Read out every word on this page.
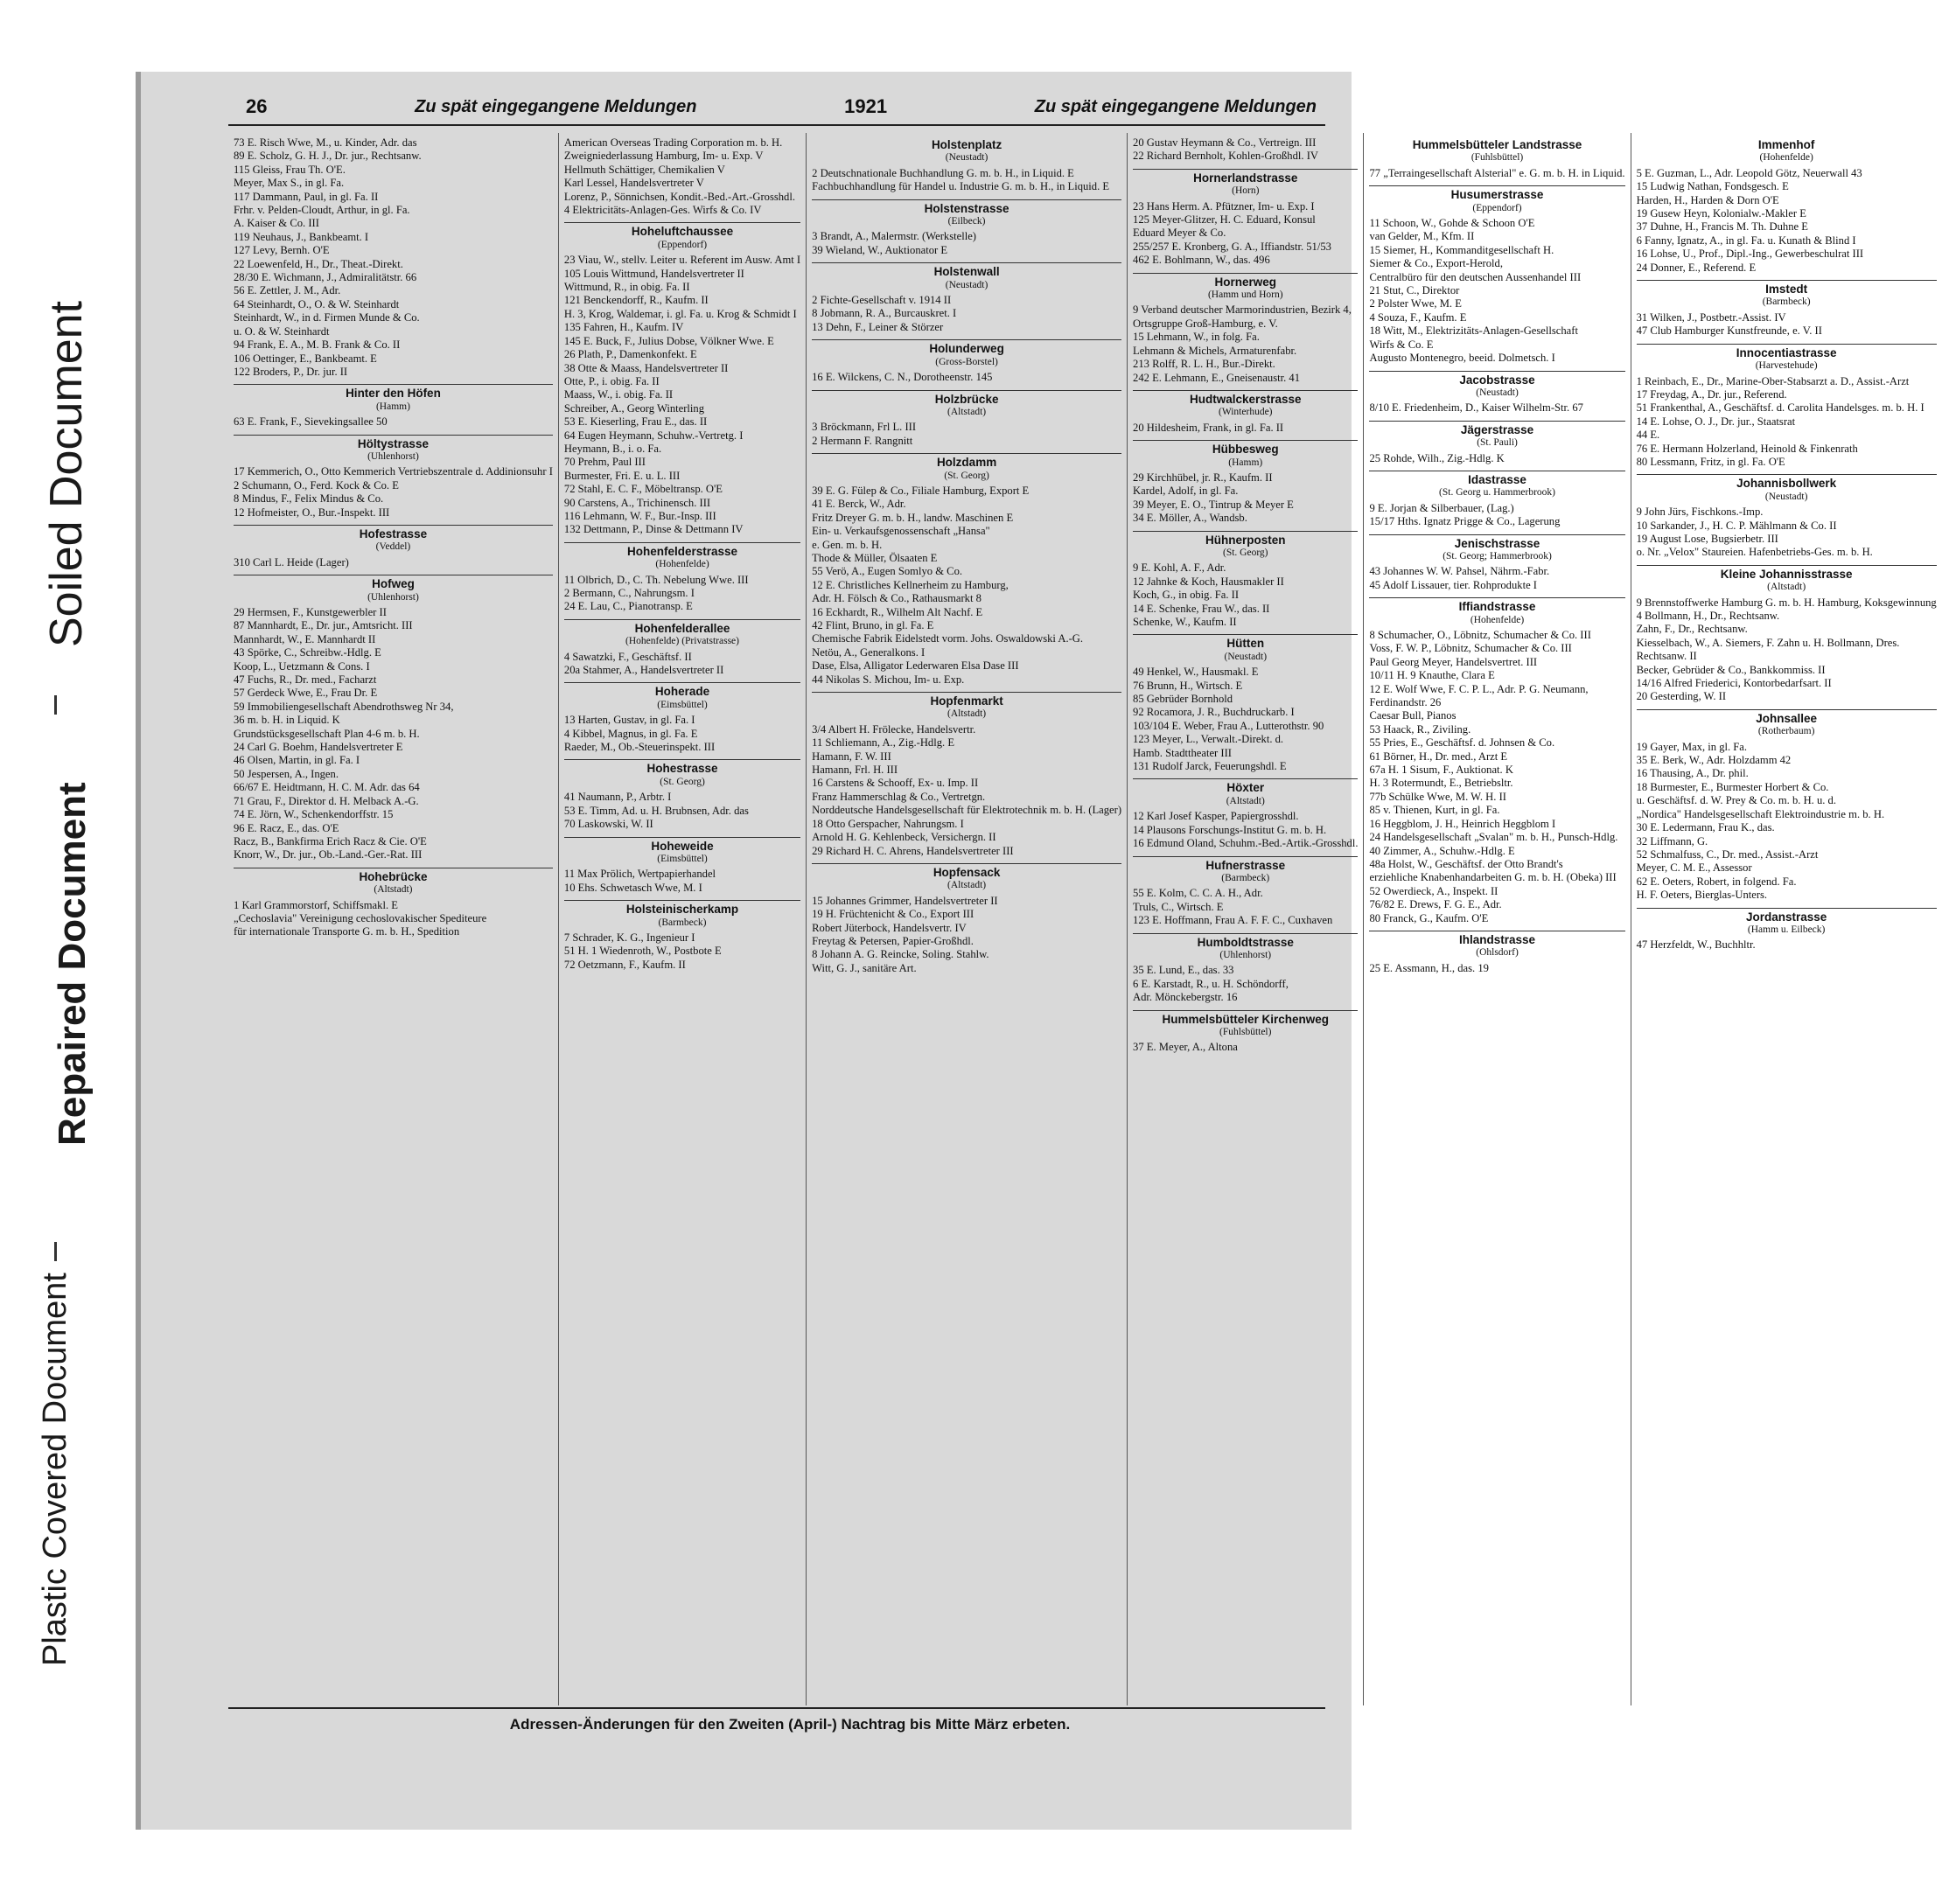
Plastic Covered Document
Repaired Document
Soiled Document
26	Zu spät eingegangene Meldungen	1921	Zu spät eingegangene Meldungen
73 E. Risch Wwe, M., u. Kinder, Adr. das
89 E. Scholz, G. H. J., Dr. jur., Rechtsanw.
115 Gleiss, Frau Th. O'E.
Meyer, Max S., in gl. Fa.
117 Dammann, Paul, in gl. Fa. II
Frhr. v. Pelden-Cloudt, Arthur, in gl. Fa.
A. Kaiser & Co. III
119 Neuhaus, J., Bankbeamt. I
127 Levy, Bernh. O'E
22 Loewenfeld, H., Dr., Theat.-Direkt.
28/30 E. Wichmann, J., Admiralitätstr. 66
56 E. Zettler, J. M., Adr.
64 Steinhardt, O., O. & W. Steinhardt
Steinhardt, W., in d. Firmen Munde & Co.
u. O. & W. Steinhardt
94 Frank, E. A., M. B. Frank & Co. II
106 Oettinger, E., Bankbeamt. E
122 Broders, P., Dr. jur. II
Hinter den Höfen
(Hamm)
63 E. Frank, F., Sievekingsallee 50
Höltystrasse
(Uhlenhorst)
17 Kemmerich, O., Otto Kemmerich Vertriebszentrale d. Addinionsuhr I
2 Schumann, O., Ferd. Kock & Co. E
8 Mindus, F., Felix Mindus & Co.
12 Hofmeister, O., Bur.-Inspekt. III
Hofestrasse
(Veddel)
310 Carl L. Heide (Lager)
Hofweg
(Uhlenhorst)
29 Hermsen, F., Kunstgewerbler II
87 Mannhardt, E., Dr. jur., Amtsricht. III
Mannhardt, W., E. Mannhardt II
43 Spörke, C., Schreibw.-Hdlg. E
Koop, L., Uetzmann & Cons. I
47 Fuchs, R., Dr. med., Facharzt
57 Gerdeck Wwe, E., Frau Dr. E
59 Immobiliengesellschaft Abendrothsweg Nr 34,
36 m. b. H. in Liquid. K
Grundstücksgesellschaft Plan 4-6 m. b. H.
24 Carl G. Boehm, Handelsvertreter E
46 Olsen, Martin, in gl. Fa. I
50 Jespersen, A., Ingen.
66/67 E. Heidtmann, H. C. M. Adr. das 64
71 Grau, F., Direktor d. H. Melback A.-G.
74 E. Jörn, W., Schenkendorffstr. 15
96 E. Racz, E., das. O'E
Racz, B., Bankfirma Erich Racz & Cie. O'E
Knorr, W., Dr. jur., Ob.-Land.-Ger.-Rat. III
Hohebrücke
(Altstadt)
1 Karl Grammorstorf, Schiffsmakl. E
„Cechoslavia" Vereinigung cechoslovakischer Spediteure
für internationale Transporte G. m. b. H., Spedition
American Overseas Trading Corporation m. b. H.
Zweigniederlassung Hamburg, Im- u. Exp. V
Hellmuth Schättiger, Chemikalien V
Karl Lessel, Handelsvertreter V
Lorenz, P., Sönnichsen, Kondit.-Bed.-Art.-Grosshdl.
4 Elektricitäts-Anlagen-Ges. Wirfs & Co. IV
Hoheluftchaussee
(Eppendorf)
23 Viau, W., stellv. Leiter u. Referent im Ausw. Amt I
105 Louis Wittmund, Handelsvertreter II
Wittmund, R., in obig. Fa. II
121 Benckendorff, R., Kaufm. II
H. 3, Krog, Waldemar, i. gl. Fa. u. Krog & Schmidt I
135 Fahren, H., Kaufm. IV
145 E. Buck, F., Julius Dobse, Völkner Wwe. E
26 Plath, P., Damenkonfekt. E
38 Otte & Maass, Handelsvertreter II
Otte, P., i. obig. Fa. II
Maass, W., i. obig. Fa. II
Schreiber, A., Georg Winterling
53 E. Kieserling, Frau E., das. II
64 Eugen Heymann, Schuhw.-Vertretg. I
Heymann, B., i. o. Fa.
70 Prehm, Paul III
Burmester, Fri. E. u. L. III
72 Stahl, E. C. F., Möbeltransp. O'E
90 Carstens, A., Trichinensch. III
116 Lehmann, W. F., Bur.-Insp. III
132 Dettmann, P., Dinse & Dettmann IV
Hohenfelderstrasse
(Hohenfelde)
11 Olbrich, D., C. Th. Nebelung Wwe. III
2 Bermann, C., Nahrungsm. I
24 E. Lau, C., Pianotransp. E
Hohenfelderallee
(Hohenfelde) (Privatstrasse)
4 Sawatzki, F., Geschäftsf. II
20a Stahmer, A., Handelsvertreter II
Hoherade
(Eimsbüttel)
13 Harten, Gustav, in gl. Fa. I
4 Kibbel, Magnus, in gl. Fa. E
Raeder, M., Ob.-Steuerinspekt. III
Hohestrasse
(St. Georg)
41 Naumann, P., Arbtr. I
53 E. Timm, Ad. u. H. Brubnsen, Adr. das
70 Laskowski, W. II
Hoheweide
(Eimsbüttel)
11 Max Prölich, Wertpapierhandel
10 Ehs. Schwetasch Wwe, M. I
Holsteinischerkamp
(Barmbeck)
7 Schrader, K. G., Ingenieur I
51 H. 1 Wiedenroth, W., Postbote E
72 Oetzmann, F., Kaufm. II
Holstenplatz
(Neustadt)
2 Deutschnationale Buchhandlung G. m. b. H., in Liquid. E
Fachbuchhandlung für Handel u. Industrie G. m. b. H., in Liquid. E
Holstenstrasse
(Eilbeck)
3 Brandt, A., Malermstr. (Werkstelle)
39 Wieland, W., Auktionator E
Holstenwall
(Neustadt)
2 Fichte-Gesellschaft v. 1914 II
8 Jobmann, R. A., Burcauskret. I
13 Dehn, F., Leiner & Störzer
Holunderweg
(Gross-Borstel)
16 E. Wilckens, C. N., Dorotheenstr. 145
Holzbrücke
(Altstadt)
3 Bröckmann, Frl L. III
2 Hermann F. Rangnitt
Holzdamm
(St. Georg)
39 E. G. Fülep & Co., Filiale Hamburg, Export E
41 E. Berck, W., Adr.
Fritz Dreyer G. m. b. H., landw. Maschinen E
Ein- u. Verkaufsgenossenschaft „Hansa"
e. Gen. m. b. H.
Thode & Müller, Ölsaaten E
55 Verö, A., Eugen Somlyo & Co.
12 E. Christliches Kellnerheim zu Hamburg,
Adr. H. Fölsch & Co., Rathausmarkt 8
16 Eckhardt, R., Wilhelm Alt Nachf. E
42 Flint, Bruno, in gl. Fa. E
Chemische Fabrik Eidelstedt vorm. Johs. Oswaldowski A.-G.
Netöu, A., Generalkons. I
Dase, Elsa, Alligator Lederwaren Elsa Dase III
44 Nikolas S. Michou, Im- u. Exp.
Hopfenmarkt
(Altstadt)
3/4 Albert H. Frölecke, Handelsvertr.
11 Schliemann, A., Zig.-Hdlg. E
Hamann, F. W. III
Hamann, Frl. H. III
16 Carstens & Schooff, Ex- u. Imp. II
Franz Hammerschlag & Co., Vertretgn.
Norddeutsche Handelsgesellschaft für Elektrotechnik m. b. H. (Lager)
18 Otto Gerspacher, Nahrungsm. I
Arnold H. G. Kehlenbeck, Versichergn. II
29 Richard H. C. Ahrens, Handelsvertreter III
Hopfensack
(Altstadt)
15 Johannes Grimmer, Handelsvertreter II
19 H. Früchtenicht & Co., Export III
Robert Jüterbock, Handelsvertr. IV
Freytag & Petersen, Papier-Großhdl.
8 Johann A. G. Reincke, Soling. Stahlw.
Witt, G. J., sanitäre Art.
20 Gustav Heymann & Co., Vertreign. III
22 Richard Bernholt, Kohlen-Großhdl. IV
Hornerlandstrasse
(Horn)
23 Hans Herm. A. Pfützner, Im- u. Exp. I
125 Meyer-Glitzer, H. C. Eduard, Konsul
Eduard Meyer & Co.
255/257 E. Kronberg, G. A., Iffiandstr. 51/53
462 E. Bohlmann, W., das. 496
Hornerweg
(Hamm und Horn)
9 Verband deutscher Marmorindustrien, Bezirk 4,
Ortsgruppe Groß-Hamburg, e. V.
15 Lehmann, W., in folg. Fa.
Lehmann & Michels, Armaturenfabr.
213 Rolff, R. L. H., Bur.-Direkt.
242 E. Lehmann, E., Gneisenaustr. 41
Hudtwalckerstrasse
(Winterhude)
20 Hildesheim, Frank, in gl. Fa. II
Hübbesweg
(Hamm)
29 Kirchhübel, jr. R., Kaufm. II
Kardel, Adolf, in gl. Fa.
39 Meyer, E. O., Tintrup & Meyer E
34 E. Möller, A., Wandsb.
Hühnerposten
(St. Georg)
9 E. Kohl, A. F., Adr.
12 Jahnke & Koch, Hausmakler II
Koch, G., in obig. Fa. II
14 E. Schenke, Frau W., das. II
Schenke, W., Kaufm. II
Hütten
(Neustadt)
49 Henkel, W., Hausmakl. E
76 Brunn, H., Wirtsch. E
85 Gebrüder Bornhold
92 Rocamora, J. R., Buchdruckarb. I
103/104 E. Weber, Frau A., Lutterothstr. 90
123 Meyer, L., Verwalt.-Direkt. d.
Hamb. Stadttheater III
131 Rudolf Jarck, Feuerungshdl. E
Höxter
(Altstadt)
12 Karl Josef Kasper, Papiergrosshdl.
14 Plausons Forschungs-Institut G. m. b. H.
16 Edmund Oland, Schuhm.-Bed.-Artik.-Grosshdl.
Hufnerstrasse
(Barmbeck)
55 E. Kolm, C. C. A. H., Adr.
Truls, C., Wirtsch. E
123 E. Hoffmann, Frau A. F. F. C., Cuxhaven
Humboldtstrasse
(Uhlenhorst)
35 E. Lund, E., das. 33
6 E. Karstadt, R., u. H. Schöndorff,
Adr. Mönckebergstr. 16
Hummelsbütteler Kirchenweg
(Fuhlsbüttel)
37 E. Meyer, A., Altona
Hummelsbütteler Landstrasse
(Fuhlsbüttel)
77 „Terraingesellschaft Alsterial" e. G. m. b. H. in Liquid.
Husumerstrasse
(Eppendorf)
11 Schoon, W., Gohde & Schoon O'E
van Gelder, M., Kfm. II
15 Siemer, H., Kommanditgesellschaft H.
Siemer & Co., Export-Herold,
Centralbüro für den deutschen Aussenhandel III
21 Stut, C., Direktor
2 Polster Wwe, M. E
4 Souza, F., Kaufm. E
18 Witt, M., Elektrizitäts-Anlagen-Gesellschaft
Wirfs & Co. E
Augusto Montenegro, beeid. Dolmetsch. I
Jacobstrasse
(Neustadt)
8/10 E. Friedenheim, D., Kaiser Wilhelm-Str. 67
Jägerstrasse
(St. Pauli)
25 Rohde, Wilh., Zig.-Hdlg. K
Idastrasse
(St. Georg u. Hammerbrook)
9 E. Jorjan & Silberbauer, (Lag.)
15/17 Hths. Ignatz Prigge & Co., Lagerung
Jenischstrasse
(St. Georg; Hammerbrook)
43 Johannes W. W. Pahsel, Nährm.-Fabr.
45 Adolf Lissauer, tier. Rohprodukte I
Iffiandstrasse
(Hohenfelde)
8 Schumacher, O., Löbnitz, Schumacher & Co. III
Voss, F. W. P., Löbnitz, Schumacher & Co. III
Paul Georg Meyer, Handelsvertret. III
10/11 H. 9 Knauthe, Clara E
12 E. Wolf Wwe, F. C. P. L., Adr. P. G. Neumann,
Ferdinandstr. 26
Caesar Bull, Pianos
53 Haack, R., Ziviling.
55 Pries, E., Geschäftsf. d. Johnsen & Co.
61 Börner, H., Dr. med., Arzt E
67a H. 1 Sisum, F., Auktionat. K
H. 3 Rotermundt, E., Betriebsltr.
77b Schülke Wwe, M. W. H. II
85 v. Thienen, Kurt, in gl. Fa.
16 Heggblom, J. H., Heinrich Heggblom I
24 Handelsgesellschaft „Svalan" m. b. H., Punsch-Hdlg.
40 Zimmer, A., Schuhw.-Hdlg. E
48a Holst, W., Geschäftsf. der Otto Brandt's
erziehliche Knabenhandarbeiten G. m. b. H. (Obeka) III
52 Owerdieck, A., Inspekt. II
76/82 E. Drews, F. G. E., Adr.
80 Franck, G., Kaufm. O'E
Ihlandstrasse
(Ohlsdorf)
25 E. Assmann, H., das. 19
Immenhof
(Hohenfelde)
5 E. Guzman, L., Adr. Leopold Götz, Neuerwall 43
15 Ludwig Nathan, Fondsgesch. E
Harden, H., Harden & Dorn O'E
19 Gusew Heyn, Kolonialw.-Makler E
37 Duhne, H., Francis M. Th. Duhne E
6 Fanny, Ignatz, A., in gl. Fa. u. Kunath & Blind I
16 Lohse, U., Prof., Dipl.-Ing., Gewerbeschulrat III
24 Donner, E., Referend. E
Imstedt
(Barmbeck)
31 Wilken, J., Postbetr.-Assist. IV
47 Club Hamburger Kunstfreunde, e. V. II
Innocentiastrasse
(Harvestehude)
1 Reinbach, E., Dr., Marine-Ober-Stabsarzt a. D., Assist.-Arzt
17 Freydag, A., Dr. jur., Referend.
51 Frankenthal, A., Geschäftsf. d. Carolita Handelsges. m. b. H. I
14 E. Lohse, O. J., Dr. jur., Staatsrat
44 E.
76 E. Hermann Holzerland, Heinold & Finkenrath
80 Lessmann, Fritz, in gl. Fa. O'E
Johannisbollwerk
(Neustadt)
9 John Jürs, Fischkons.-Imp.
10 Sarkander, J., H. C. P. Mählmann & Co. II
19 August Lose, Bugsierbetr. III
o. Nr. „Velox" Staureien. Hafenbetriebs-Ges. m. b. H.
Kleine Johannisstrasse
(Altstadt)
9 Brennstoffwerke Hamburg G. m. b. H. Hamburg, Koksgewinnung
4 Bollmann, H., Dr., Rechtsanw.
Zahn, F., Dr., Rechtsanw.
Kiesselbach, W., A. Siemers, F. Zahn u. H. Bollmann, Dres.
Rechtsanw. II
Becker, Gebrüder & Co., Bankkommiss. II
14/16 Alfred Friederici, Kontorbedarfsart. II
20 Gesterding, W. II
Johnsallee
(Rotherbaum)
19 Gayer, Max, in gl. Fa.
35 E. Berk, W., Adr. Holzdamm 42
16 Thausing, A., Dr. phil.
18 Burmester, E., Burmester Horbert & Co.
u. Geschäftsf. d. W. Prey & Co. m. b. H. u. d.
„Nordica" Handelsgesellschaft Elektroindustrie m. b. H.
30 E. Ledermann, Frau K., das.
32 Liffmann, G.
52 Schmalfuss, C., Dr. med., Assist.-Arzt
Meyer, C. M. E., Assessor
62 E. Oeters, Robert, in folgend. Fa.
H. F. Oeters, Bierglas-Unters.
Jordanstrasse
(Hamm u. Eilbeck)
47 Herzfeldt, W., Buchhltr.
Adressen-Änderungen für den Zweiten (April-) Nachtrag bis Mitte März erbeten.
